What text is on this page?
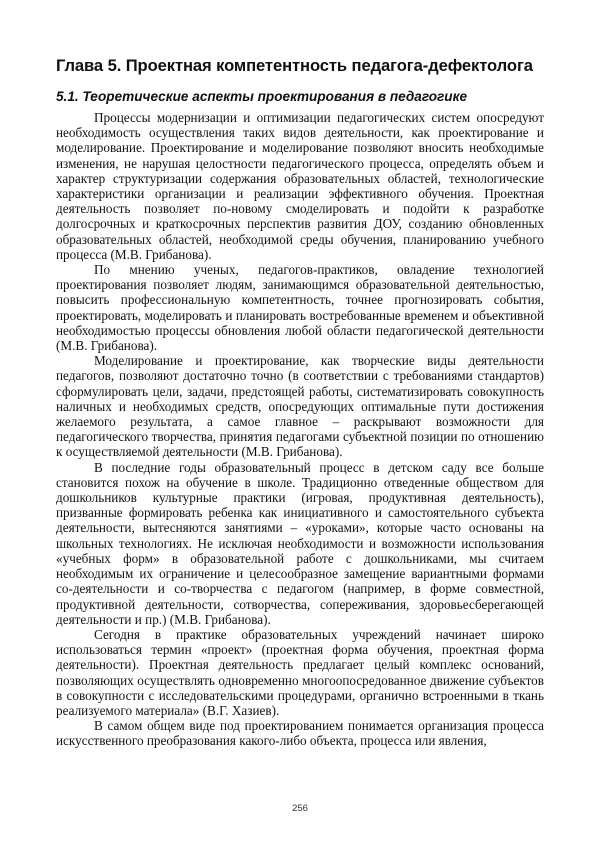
Глава 5. Проектная компетентность педагога-дефектолога
5.1. Теоретические аспекты проектирования в педагогике

Процессы модернизации и оптимизации педагогических систем опосредуют необходимость осуществления таких видов деятельности, как проектирование и моделирование. Проектирование и моделирование позволяют вносить необходимые изменения, не нарушая целостности педагогического процесса, определять объем и характер структуризации содержания образовательных областей, технологические характеристики организации и реализации эффективного обучения. Проектная деятельность позволяет по-новому смоделировать и подойти к разработке долгосрочных и краткосрочных перспектив развития ДОУ, созданию обновленных образовательных областей, необходимой среды обучения, планированию учебного процесса (М.В. Грибанова).

По мнению ученых, педагогов-практиков, овладение технологией проектирования позволяет людям, занимающимся образовательной деятельностью, повысить профессиональную компетентность, точнее прогнозировать события, проектировать, моделировать и планировать востребованные временем и объективной необходимостью процессы обновления любой области педагогической деятельности (М.В. Грибанова).

Моделирование и проектирование, как творческие виды деятельности педагогов, позволяют достаточно точно (в соответствии с требованиями стандартов) сформулировать цели, задачи, предстоящей работы, систематизировать совокупность наличных и необходимых средств, опосредующих оптимальные пути достижения желаемого результата, а самое главное – раскрывают возможности для педагогического творчества, принятия педагогами субъектной позиции по отношению к осуществляемой деятельности (М.В. Грибанова).

В последние годы образовательный процесс в детском саду все больше становится похож на обучение в школе. Традиционно отведенные обществом для дошкольников культурные практики (игровая, продуктивная деятельность), призванные формировать ребенка как инициативного и самостоятельного субъекта деятельности, вытесняются занятиями – «уроками», которые часто основаны на школьных технологиях. Не исключая необходимости и возможности использования «учебных форм» в образовательной работе с дошкольниками, мы считаем необходимым их ограничение и целесообразное замещение вариантными формами со-деятельности и со-творчества с педагогом (например, в форме совместной, продуктивной деятельности, сотворчества, сопереживания, здоровьесберегающей деятельности и пр.) (М.В. Грибанова).

Сегодня в практике образовательных учреждений начинает широко использоваться термин «проект» (проектная форма обучения, проектная форма деятельности). Проектная деятельность предлагает целый комплекс оснований, позволяющих осуществлять одновременно многоопосредованное движение субъектов в совокупности с исследовательскими процедурами, органично встроенными в ткань реализуемого материала» (В.Г. Хазиев).

В самом общем виде под проектированием понимается организация процесса искусственного преобразования какого-либо объекта, процесса или явления,

256
